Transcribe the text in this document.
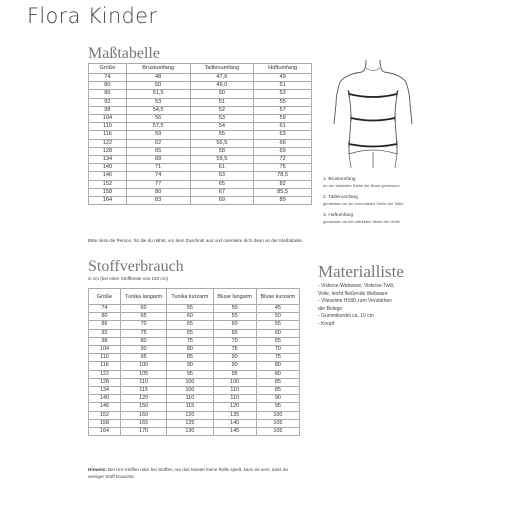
Flora Kinder
Maßtabelle
Größe	Brustumfang	Taillenumfang	Hüftumfang
74	48	47,6	49
80	50	49,0	51
86	51,5	50	53
92	53	51	55
98	54,5	52	57
104	56	53	59
110	57,5	54	61
116	59	55	63
122	62	56,5	66
128	65	58	69
134	68	59,5	72
140	71	61	75
146	74	63	78,5
152	77	65	82
158	80	67	85,5
164	83	69	89
Bitte miss die Person, für die du nähst, vor dem Zuschnitt aus und orientiere dich dann an der Maßtabelle.
1. Brustumfang
an der stärksten Stelle der Brust gemessen
2. Taillenumfang
gemessen an der schmalsten Stelle der Taille
3. Hüftumfang
gemessen an der stärksten Stelle der Hüfte
Stoffverbrauch
in cm (bei einer Stoffbreite von 140 cm)
Größe	Tunika langarm	Tunika kurzarm	Bluse langarm	Bluse kurzarm
74	60	55	50	45
80	65	60	55	50
86	70	65	60	55
92	75	65	65	60
98	80	75	70	65
104	90	80	75	70
110	95	85	90	75
116	100	90	90	80
122	105	95	95	80
128	110	100	100	85
134	115	100	110	85
140	120	110	110	90
146	150	115	120	95
152	160	120	135	100
158	165	125	140	105
164	170	130	145	105
Hinweis: Bei Uni-Stoffen oder bei Stoffen, wo das Muster keine Rolle spielt, kann es sein, dass du weniger Stoff brauchst.
Materialliste
- Viskose-Webware, Viskose-Twill,
Voile, leicht fließende Webware
- Vlieseline H180 zum Verstärken
der Belege
- Gummikordel ca. 10 cm
- Knopf
